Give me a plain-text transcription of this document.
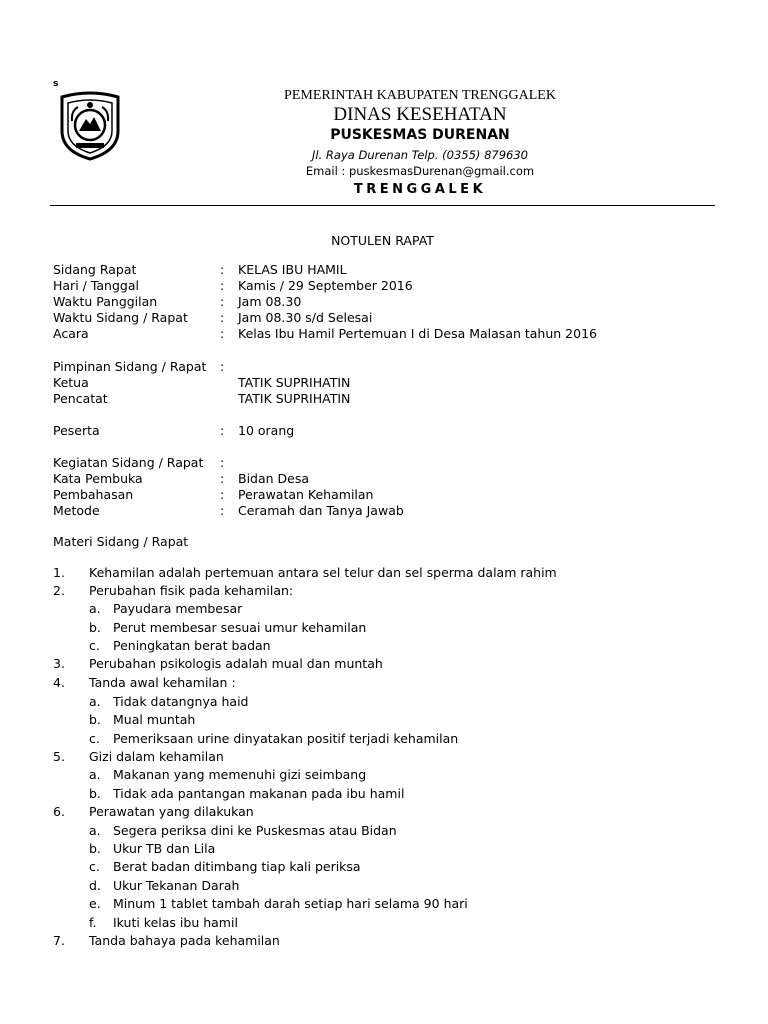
s
PEMERINTAH KABUPATEN TRENGGALEK
DINAS KESEHATAN
PUSKESMAS DURENAN
Jl. Raya Durenan Telp. (0355) 879630
Email : puskesmasDurenan@gmail.com
TRENGGALEK
NOTULEN RAPAT
Sidang Rapat	: KELAS IBU HAMIL
Hari / Tanggal	: Kamis / 29 September 2016
Waktu Panggilan	: Jam 08.30
Waktu Sidang / Rapat	: Jam 08.30 s/d Selesai
Acara	: Kelas Ibu Hamil Pertemuan I di Desa Malasan tahun 2016
Pimpinan Sidang / Rapat :
Ketua	TATIK SUPRIHATIN
Pencatat	TATIK SUPRIHATIN
Peserta	: 10 orang
Kegiatan Sidang / Rapat :
Kata Pembuka	: Bidan Desa
Pembahasan	: Perawatan Kehamilan
Metode	: Ceramah dan Tanya Jawab
Materi Sidang / Rapat
1. Kehamilan adalah pertemuan antara sel telur dan sel sperma dalam rahim
2. Perubahan fisik pada kehamilan:
a. Payudara membesar
b. Perut membesar sesuai umur kehamilan
c. Peningkatan berat badan
3. Perubahan psikologis adalah mual dan muntah
4. Tanda awal kehamilan :
a. Tidak datangnya haid
b. Mual muntah
c. Pemeriksaan urine dinyatakan positif terjadi kehamilan
5. Gizi dalam kehamilan
a. Makanan yang memenuhi gizi seimbang
b. Tidak ada pantangan makanan pada ibu hamil
6. Perawatan yang dilakukan
a. Segera periksa dini ke Puskesmas atau Bidan
b. Ukur TB dan Lila
c. Berat badan ditimbang tiap kali periksa
d. Ukur Tekanan Darah
e. Minum 1 tablet tambah darah setiap hari selama 90 hari
f. Ikuti kelas ibu hamil
7. Tanda bahaya pada kehamilan
